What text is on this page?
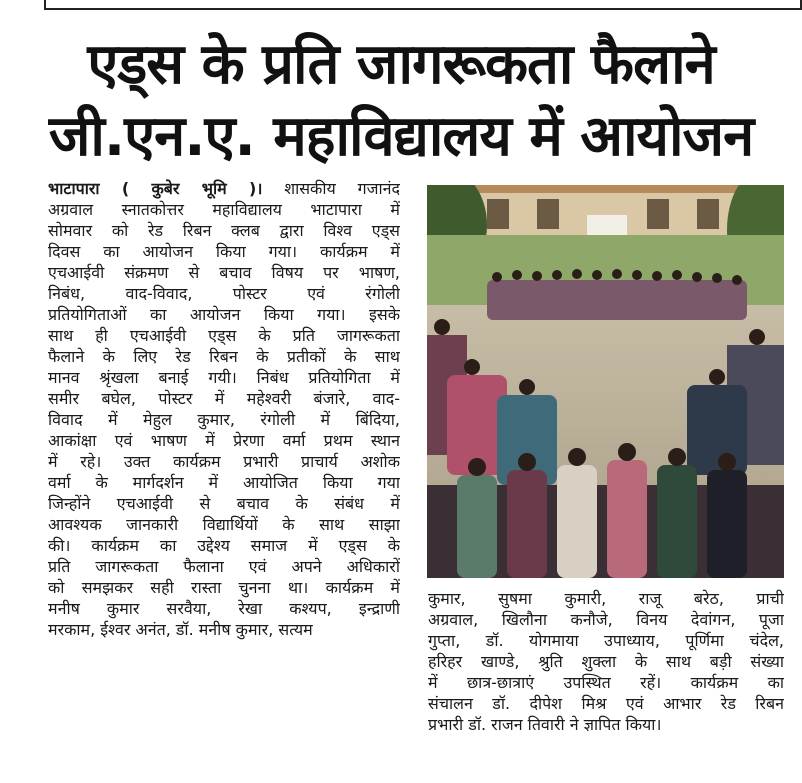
एड्स के प्रति जागरूकता फैलाने
जी.एन.ए. महाविद्यालय में आयोजन
भाटापारा ( कुबेर भूमि )। शासकीय गजानंद
अग्रवाल स्नातकोत्तर महाविद्यालय भाटापारा में
सोमवार को रेड रिबन क्लब द्वारा विश्व एड्स
दिवस का आयोजन किया गया। कार्यक्रम में
एचआईवी संक्रमण से बचाव विषय पर भाषण,
निबंध, वाद-विवाद, पोस्टर एवं रंगोली
प्रतियोगिताओं का आयोजन किया गया। इसके
साथ ही एचआईवी एड्स के प्रति जागरूकता
फैलाने के लिए रेड रिबन के प्रतीकों के साथ
मानव श्रृंखला बनाई गयी। निबंध प्रतियोगिता में
समीर बघेल, पोस्टर में महेश्वरी बंजारे, वाद-
विवाद में मेहुल कुमार, रंगोली में बिंदिया,
आकांक्षा एवं भाषण में प्रेरणा वर्मा प्रथम स्थान
में रहे। उक्त कार्यक्रम प्रभारी प्राचार्य अशोक
वर्मा के मार्गदर्शन में आयोजित किया गया
जिन्होंने एचआईवी से बचाव के संबंध में
आवश्यक जानकारी विद्यार्थियों के साथ साझा
की। कार्यक्रम का उद्देश्य समाज में एड्स के
प्रति जागरूकता फैलाना एवं अपने अधिकारों
को समझकर सही रास्ता चुनना था। कार्यक्रम में
मनीष कुमार सरवैया, रेखा कश्यप, इन्द्राणी
मरकाम, ईश्वर अनंत, डॉ. मनीष कुमार, सत्यम
कुमार, सुषमा कुमारी, राजू बरेठ, प्राची
अग्रवाल, खिलौना कनौजे, विनय देवांगन, पूजा
गुप्ता, डॉ. योगमाया उपाध्याय, पूर्णिमा चंदेल,
हरिहर खाण्डे, श्रुति शुक्ला के साथ बड़ी संख्या
में छात्र-छात्राएं उपस्थित रहें। कार्यक्रम का
संचालन डॉ. दीपेश मिश्र एवं आभार रेड रिबन
प्रभारी डॉ. राजन तिवारी ने ज्ञापित किया।
